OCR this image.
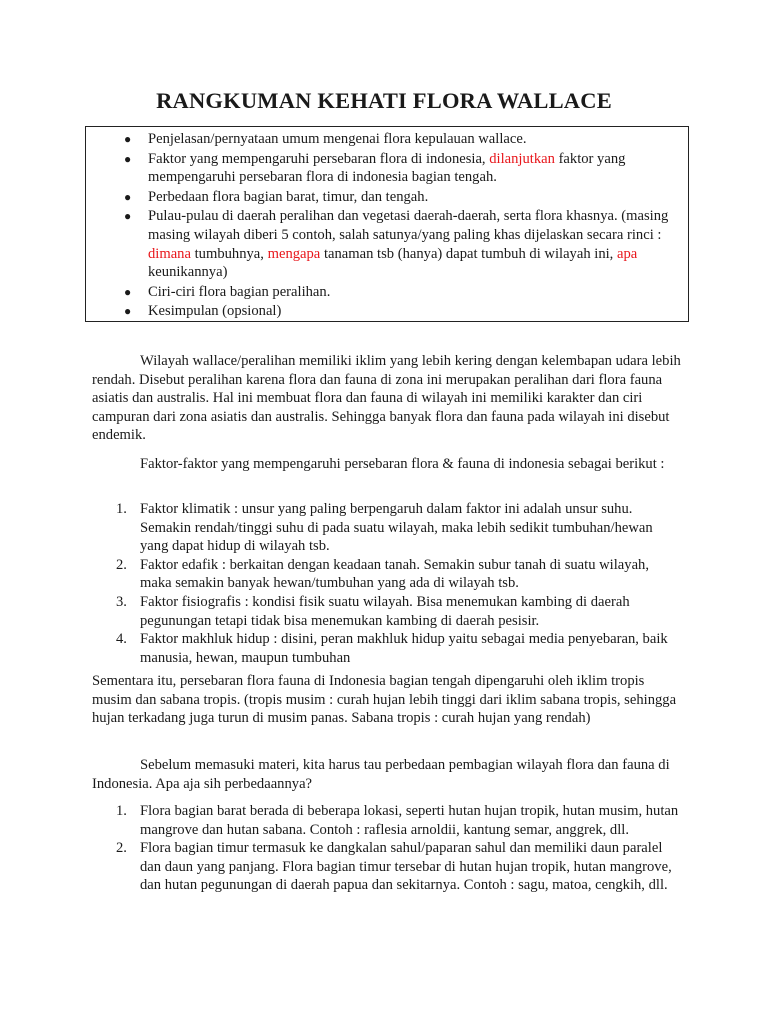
RANGKUMAN KEHATI FLORA WALLACE
● Penjelasan/pernyataan umum mengenai flora kepulauan wallace.
● Faktor yang mempengaruhi persebaran flora di indonesia, dilanjutkan faktor yang mempengaruhi persebaran flora di indonesia bagian tengah.
● Perbedaan flora bagian barat, timur, dan tengah.
● Pulau-pulau di daerah peralihan dan vegetasi daerah-daerah, serta flora khasnya. (masing masing wilayah diberi 5 contoh, salah satunya/yang paling khas dijelaskan secara rinci : dimana tumbuhnya, mengapa tanaman tsb (hanya) dapat tumbuh di wilayah ini, apa keunikannya)
● Ciri-ciri flora bagian peralihan.
● Kesimpulan (opsional)

Wilayah wallace/peralihan memiliki iklim yang lebih kering dengan kelembapan udara lebih rendah. Disebut peralihan karena flora dan fauna di zona ini merupakan peralihan dari flora fauna asiatis dan australis. Hal ini membuat flora dan fauna di wilayah ini memiliki karakter dan ciri campuran dari zona asiatis dan australis. Sehingga banyak flora dan fauna pada wilayah ini disebut endemik.

Faktor-faktor yang mempengaruhi persebaran flora & fauna di indonesia sebagai berikut :

1. Faktor klimatik : unsur yang paling berpengaruh dalam faktor ini adalah unsur suhu. Semakin rendah/tinggi suhu di pada suatu wilayah, maka lebih sedikit tumbuhan/hewan yang dapat hidup di wilayah tsb.
2. Faktor edafik : berkaitan dengan keadaan tanah. Semakin subur tanah di suatu wilayah, maka semakin banyak hewan/tumbuhan yang ada di wilayah tsb.
3. Faktor fisiografis : kondisi fisik suatu wilayah. Bisa menemukan kambing di daerah pegunungan tetapi tidak bisa menemukan kambing di daerah pesisir.
4. Faktor makhluk hidup : disini, peran makhluk hidup yaitu sebagai media penyebaran, baik manusia, hewan, maupun tumbuhan

Sementara itu, persebaran flora fauna di Indonesia bagian tengah dipengaruhi oleh iklim tropis musim dan sabana tropis. (tropis musim : curah hujan lebih tinggi dari iklim sabana tropis, sehingga hujan terkadang juga turun di musim panas. Sabana tropis : curah hujan yang rendah)

Sebelum memasuki materi, kita harus tau perbedaan pembagian wilayah flora dan fauna di Indonesia. Apa aja sih perbedaannya?

1. Flora bagian barat berada di beberapa lokasi, seperti hutan hujan tropik, hutan musim, hutan mangrove dan hutan sabana. Contoh : raflesia arnoldii, kantung semar, anggrek, dll.
2. Flora bagian timur termasuk ke dangkalan sahul/paparan sahul dan memiliki daun paralel dan daun yang panjang. Flora bagian timur tersebar di hutan hujan tropik, hutan mangrove, dan hutan pegunungan di daerah papua dan sekitarnya. Contoh : sagu, matoa, cengkih, dll.
